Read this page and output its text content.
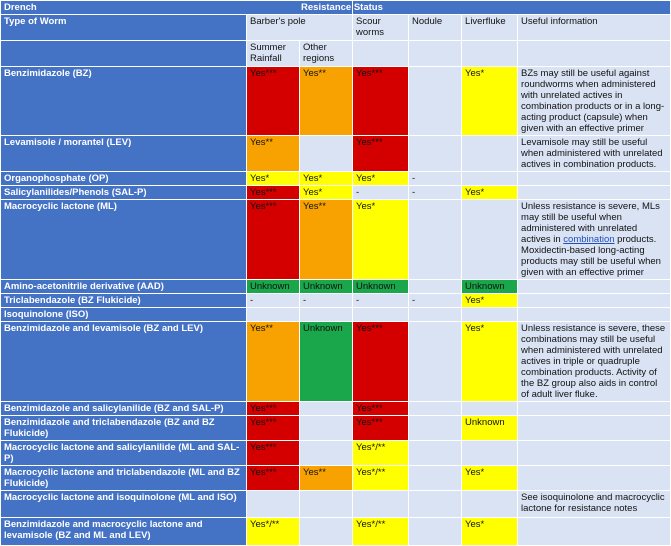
Drench			Resistance Status			
Type of Worm	Barber's pole		Scour worms	Nodule	Liverfluke	Useful information
	Summer Rainfall	Other regions				
Benzimidazole (BZ)	Yes***	Yes**	Yes***		Yes*	BZs may still be useful against roundworms when administered with unrelated actives in combination products or in a long-acting product (capsule) when given with an effective primer
Levamisole / morantel (LEV)	Yes**		Yes***			Levamisole may still be useful when administered with unrelated actives in combination products.
Organophosphate (OP)	Yes*	Yes*	Yes*	-		
Salicylanilides/Phenols (SAL-P)	Yes***	Yes*	-	-	Yes*	
Macrocyclic lactone (ML)	Yes***	Yes**	Yes*			Unless resistance is severe, MLs may still be useful when administered with unrelated actives in combination products. Moxidectin-based long-acting products may still be useful when given with an effective primer
Amino-acetonitrile derivative (AAD)	Unknown	Unknown	Unknown		Unknown	
Triclabendazole (BZ Flukicide)	-	-	-	-	Yes*	
Isoquinolone (ISO)						
Benzimidazole and levamisole (BZ and LEV)	Yes**	Unknown	Yes***		Yes*	Unless resistance is severe, these combinations may still be useful when administered with unrelated actives in triple or quadruple combination products. Activity of the BZ group also aids in control of adult liver fluke.
Benzimidazole and salicylanilide (BZ and SAL-P)	Yes***		Yes***			
Benzimidazole and triclabendazole (BZ and BZ Flukicide)	Yes***		Yes***		Unknown	
Macrocyclic lactone and salicylanilide (ML and SAL-P)	Yes***		Yes*/**			
Macrocyclic lactone and triclabendazole (ML and BZ Flukicide)	Yes***	Yes**	Yes*/**		Yes*	
Macrocyclic lactone and isoquinolone (ML and ISO)						See isoquinolone and macrocyclic lactone for resistance notes
Benzimidazole and macrocyclic lactone and levamisole (BZ and ML and LEV)	Yes*/**		Yes*/**		Yes*	
